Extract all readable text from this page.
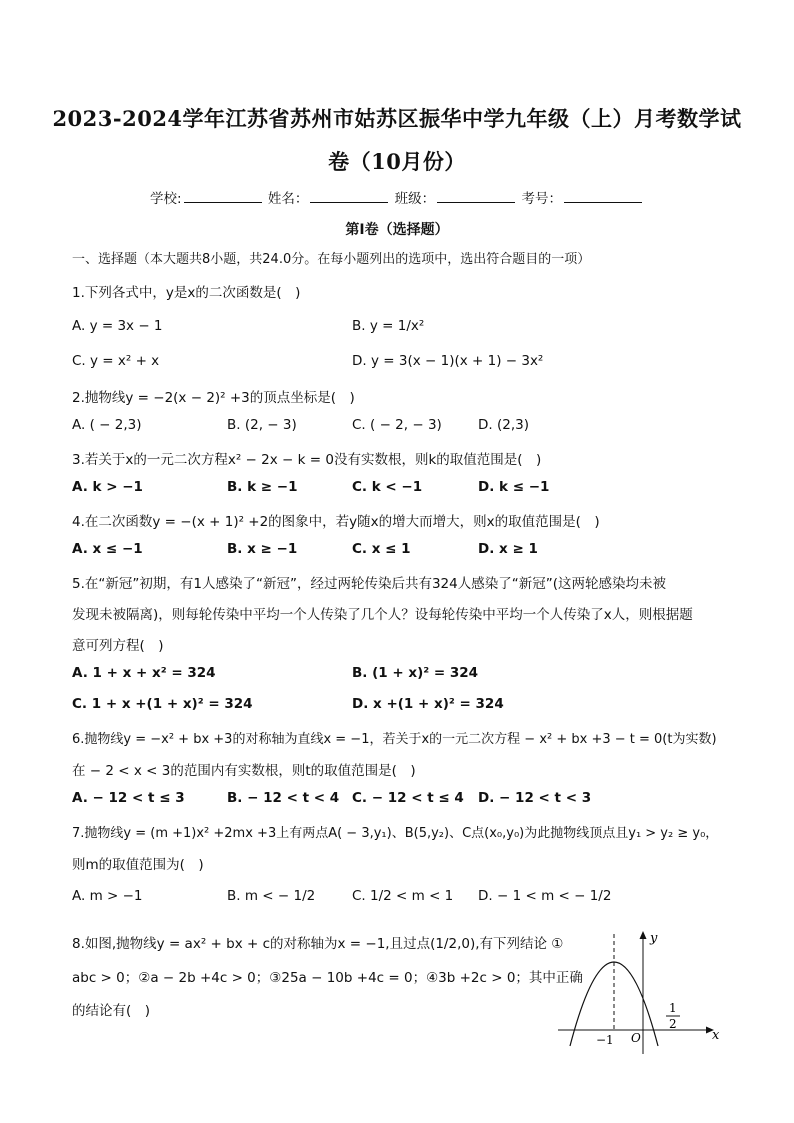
2023-2024学年江苏省苏州市姑苏区振华中学九年级（上）月考数学试
卷（10月份）
学校:	姓名：	班级：	考号：
第I卷（选择题）
一、选择题（本大题共8小题，共24.0分。在每小题列出的选项中，选出符合题目的一项）
1.下列各式中，y是x的二次函数是(　)
A. y = 3x − 1	B. y = 1/x²
C. y = x² + x	D. y = 3(x − 1)(x + 1) − 3x²
2.抛物线y = −2(x − 2)² +3的顶点坐标是(　)
A. ( − 2,3)	B. (2, − 3)	C. ( − 2, − 3)	D. (2,3)
3.若关于x的一元二次方程x² − 2x − k = 0没有实数根，则k的取值范围是(　)
A. k > −1	B. k ≥ −1	C. k < −1	D. k ≤ −1
4.在二次函数y = −(x + 1)² +2的图象中，若y随x的增大而增大，则x的取值范围是(　)
A. x ≤ −1	B. x ≥ −1	C. x ≤ 1	D. x ≥ 1
5.在“新冠”初期，有1人感染了“新冠”，经过两轮传染后共有324人感染了“新冠”(这两轮感染均未被
发现未被隔离)，则每轮传染中平均一个人传染了几个人？设每轮传染中平均一个人传染了x人，则根据题
意可列方程(　)
A. 1 + x + x² = 324	B. (1 + x)² = 324
C. 1 + x +(1 + x)² = 324	D. x +(1 + x)² = 324
6.抛物线y = −x² + bx +3的对称轴为直线x = −1，若关于x的一元二次方程 − x² + bx +3 − t = 0(t为实数)
在 − 2 < x < 3的范围内有实数根，则t的取值范围是(　)
A. − 12 < t ≤ 3	B. − 12 < t < 4 C. − 12 < t ≤ 4 D. − 12 < t < 3
7.抛物线y = (m +1)x² +2mx +3上有两点A( − 3,y₁)、B(5,y₂)、C点(x₀,y₀)为此抛物线顶点且y₁ > y₂ ≥ y₀，
则m的取值范围为(　)
A. m > −1	B. m < − 1/2	C. 1/2 < m < 1 D. − 1 < m < − 1/2
8.如图,抛物线y = ax² + bx + c的对称轴为x = −1,且过点(1/2,0),有下列结论 ①
abc > 0；②a − 2b +4c > 0；③25a − 10b +4c = 0；④3b +2c > 0；其中正确
的结论有(　)
y
x
O
−1
1
2
